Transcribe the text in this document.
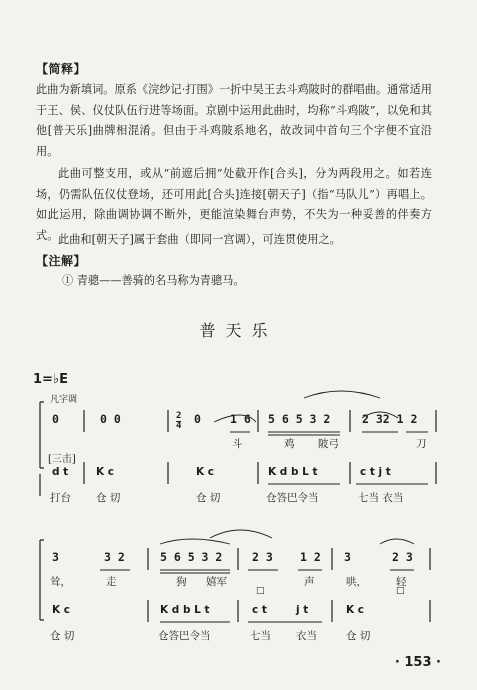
【简释】
此曲为新填词。原系《浣纱记·打围》一折中吴王去斗鸡陂时的群唱曲。通常适用于王、侯、仪仗队伍行进等场面。京剧中运用此曲时，均称“斗鸡陂”，以免和其他[普天乐]曲牌相混淆。但由于斗鸡陂系地名，故改词中首句三个字便不宜沿用。
此曲可整支用，或从“前遮后拥”处截开作[合头]，分为两段用之。如若连场，仍需队伍仪仗登场，还可用此[合头]连接[朝天子]（指“马队儿”）再唱上。如此运用，除曲调协调不断外，更能渲染舞台声势，不失为一种妥善的伴奏方式。 此曲和[朝天子]属于套曲（即同一宫调），可连贯使用之。
【注解】
① 青骢——善骑的名马称为青骢马。
普天乐
1=♭E
凡字调
[三击]
0	0 0	2
4 0	1 6 5 6 5 3 2	2 32 1 2
斗	鸡 陂弓	刀
d t	K c	K c	K d b L t	c t j t
打台 仓 切	仓 切	仓答巴令当	七当 衣当
3	3 2	5 6 5 3 2	2 3 1 2 3	2 3
耸，	走	狗 嬉军	声	哄，	轻
□	□
K c	K d b L t	c t	j t	K c
仓 切	仓答巴令当	七当 衣当	仓 切
· 153 ·
